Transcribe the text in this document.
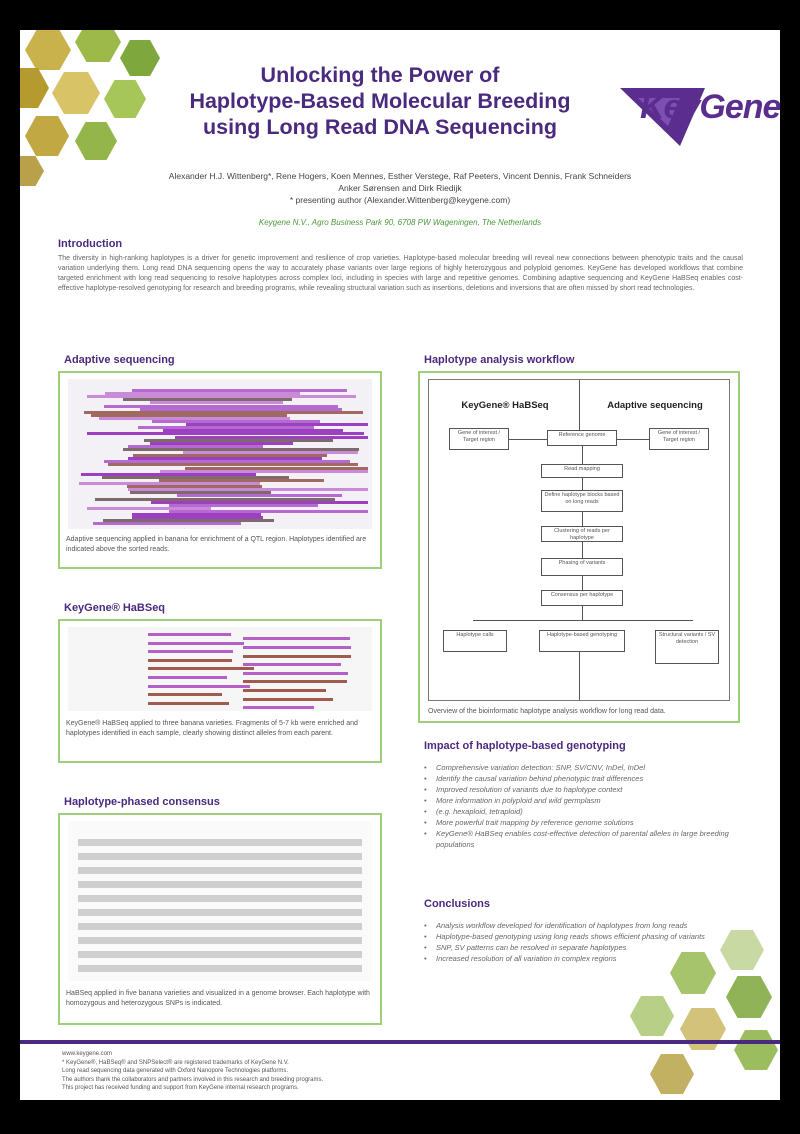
Unlocking the Power of
Haplotype-Based Molecular Breeding
using Long Read DNA Sequencing
KeyGene
Alexander H.J. Wittenberg*, Rene Hogers, Koen Mennes, Esther Verstege, Raf Peeters, Vincent Dennis, Frank Schneiders
Anker Sørensen and Dirk Riedijk
* presenting author (Alexander.Wittenberg@keygene.com)
Keygene N.V., Agro Business Park 90, 6708 PW Wageningen, The Netherlands
Introduction
The diversity in high-ranking haplotypes is a driver for genetic improvement and resilience of crop varieties. Haplotype-based molecular breeding will reveal new connections between phenotypic traits and the causal variation underlying them. Long read DNA sequencing opens the way to accurately phase variants over large regions of highly heterozygous and polyploid genomes. KeyGene has developed workflows that combine targeted enrichment with long read sequencing to resolve haplotypes across complex loci, including in species with large and repetitive genomes. Combining adaptive sequencing and KeyGene HaBSeq enables cost-effective haplotype-resolved genotyping for research and breeding programs, while revealing structural variation such as insertions, deletions and inversions that are often missed by short read technologies.
Adaptive sequencing
Adaptive sequencing applied in banana for enrichment of a QTL region. Haplotypes identified are indicated above the sorted reads.
KeyGene® HaBSeq
KeyGene® HaBSeq applied to three banana varieties. Fragments of 5-7 kb were enriched and haplotypes identified in each sample, clearly showing distinct alleles from each parent.
Haplotype-phased consensus
HaBSeq applied in five banana varieties and visualized in a genome browser. Each haplotype with homozygous and heterozygous SNPs is indicated.
Haplotype analysis workflow
KeyGene® HaBSeq	Adaptive sequencing
Gene of interest / Target region
Reference genome	Gene of interest / Target region
Read mapping
Define haplotype blocks based on long reads
Clustering of reads per haplotype
Phasing of variants
Consensus per haplotype
Haplotype calls	Haplotype-based genotyping	Structural variants / SV detection
Overview of the bioinformatic haplotype analysis workflow for long read data.
Impact of haplotype-based genotyping
• Comprehensive variation detection: SNP, SV/CNV, InDel, InDel
• Identify the causal variation behind phenotypic trait differences
• Improved resolution of variants due to haplotype context
• More information in polyploid and wild germplasm
• (e.g. hexaploid, tetraploid)
• More powerful trait mapping by reference genome solutions
• KeyGene® HaBSeq enables cost-effective detection of parental alleles in large breeding populations
Conclusions
• Analysis workflow developed for identification of haplotypes from long reads
• Haplotype-based genotyping using long reads shows efficient phasing of variants
• SNP, SV patterns can be resolved in separate haplotypes
• Increased resolution of all variation in complex regions
www.keygene.com
* KeyGene®, HaBSeq® and SNPSelect® are registered trademarks of KeyGene N.V.
Long read sequencing data generated with Oxford Nanopore Technologies platforms.
The authors thank the collaborators and partners involved in this research and breeding programs.
This project has received funding and support from KeyGene internal research programs.
